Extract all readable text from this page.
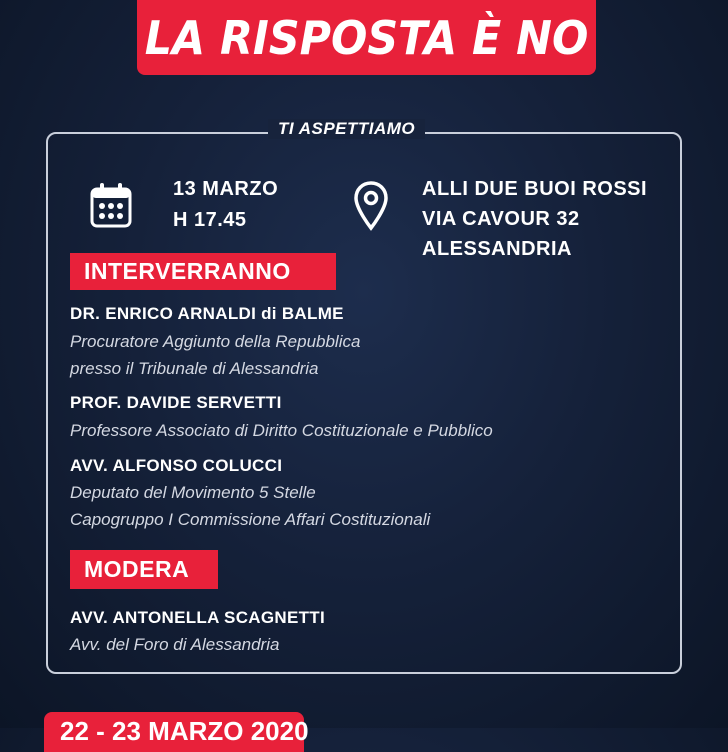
LA RISPOSTA È NO
TI ASPETTIAMO
13 MARZO
H 17.45
ALLI DUE BUOI ROSSI
VIA CAVOUR 32
ALESSANDRIA
INTERVERRANNO
DR. ENRICO ARNALDI di BALME
Procuratore Aggiunto della Repubblica
presso il Tribunale di Alessandria
PROF. DAVIDE SERVETTI
Professore Associato di Diritto Costituzionale e Pubblico
AVV. ALFONSO COLUCCI
Deputato del Movimento 5 Stelle
Capogruppo I Commissione Affari Costituzionali
MODERA
AVV. ANTONELLA SCAGNETTI
Avv. del Foro di Alessandria
22 - 23 MARZO 2020
